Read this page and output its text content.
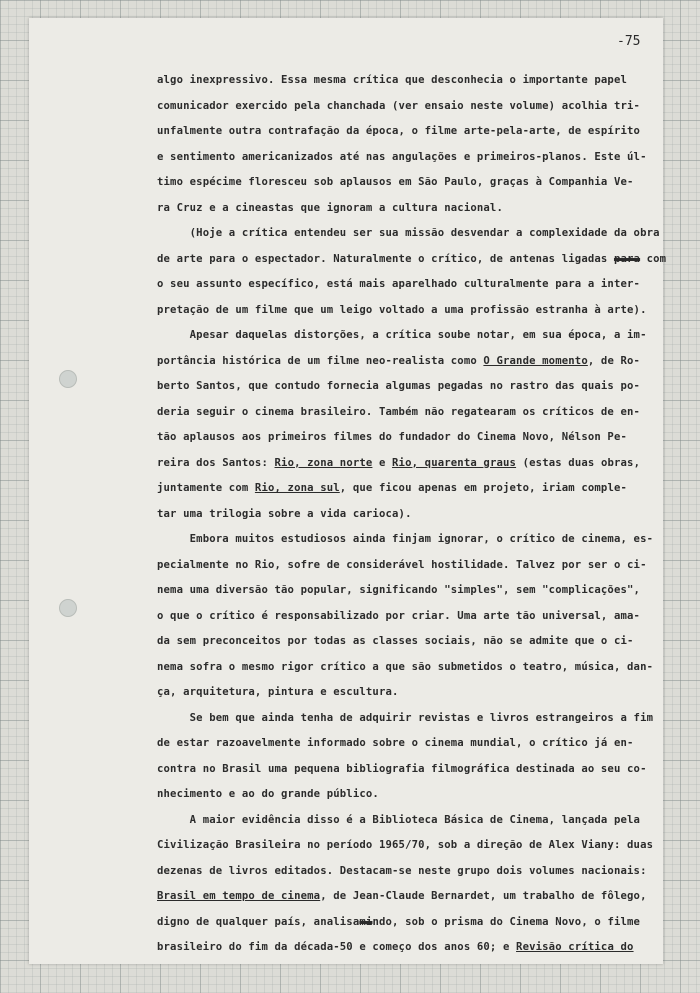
-75
algo inexpressivo. Essa mesma crítica que desconhecia o importante papel
comunicador exercido pela chanchada (ver ensaio neste volume) acolhia tri-
unfalmente outra contrafação da época, o filme arte-pela-arte, de espírito
e sentimento americanizados até nas angulações e primeiros-planos. Este úl-
timo espécime floresceu sob aplausos em São Paulo, graças à Companhia Ve-
ra Cruz e a cineastas que ignoram a cultura nacional.
(Hoje a crítica entendeu ser sua missão desvendar a complexidade da obra
de arte para o espectador. Naturalmente o crítico, de antenas ligadas para com
o seu assunto específico, está mais aparelhado culturalmente para a inter-
pretação de um filme que um leigo voltado a uma profissão estranha à arte).
Apesar daquelas distorções, a crítica soube notar, em sua época, a im-
portância histórica de um filme neo-realista como O Grande momento, de Ro-
berto Santos, que contudo fornecia algumas pegadas no rastro das quais po-
deria seguir o cinema brasileiro. Também não regatearam os críticos de en-
tão aplausos aos primeiros filmes do fundador do Cinema Novo, Nélson Pe-
reira dos Santos: Rio, zona norte e Rio, quarenta graus (estas duas obras,
juntamente com Rio, zona sul, que ficou apenas em projeto, iriam comple-
tar uma trilogia sobre a vida carioca).
Embora muitos estudiosos ainda finjam ignorar, o crítico de cinema, es-
pecialmente no Rio, sofre de considerável hostilidade. Talvez por ser o ci-
nema uma diversão tão popular, significando "simples", sem "complicações",
o que o crítico é responsabilizado por criar. Uma arte tão universal, ama-
da sem preconceitos por todas as classes sociais, não se admite que o ci-
nema sofra o mesmo rigor crítico a que são submetidos o teatro, música, dan-
ça, arquitetura, pintura e escultura.
Se bem que ainda tenha de adquirir revistas e livros estrangeiros a fim
de estar razoavelmente informado sobre o cinema mundial, o crítico já en-
contra no Brasil uma pequena bibliografia filmográfica destinada ao seu co-
nhecimento e ao do grande público.
A maior evidência disso é a Biblioteca Básica de Cinema, lançada pela
Civilização Brasileira no período 1965/70, sob a direção de Alex Viany: duas
dezenas de livros editados. Destacam-se neste grupo dois volumes nacionais:
Brasil em tempo de cinema, de Jean-Claude Bernardet, um trabalho de fôlego,
digno de qualquer país, analisamindo, sob o prisma do Cinema Novo, o filme
brasileiro do fim da década-50 e começo dos anos 60; e Revisão crítica do
